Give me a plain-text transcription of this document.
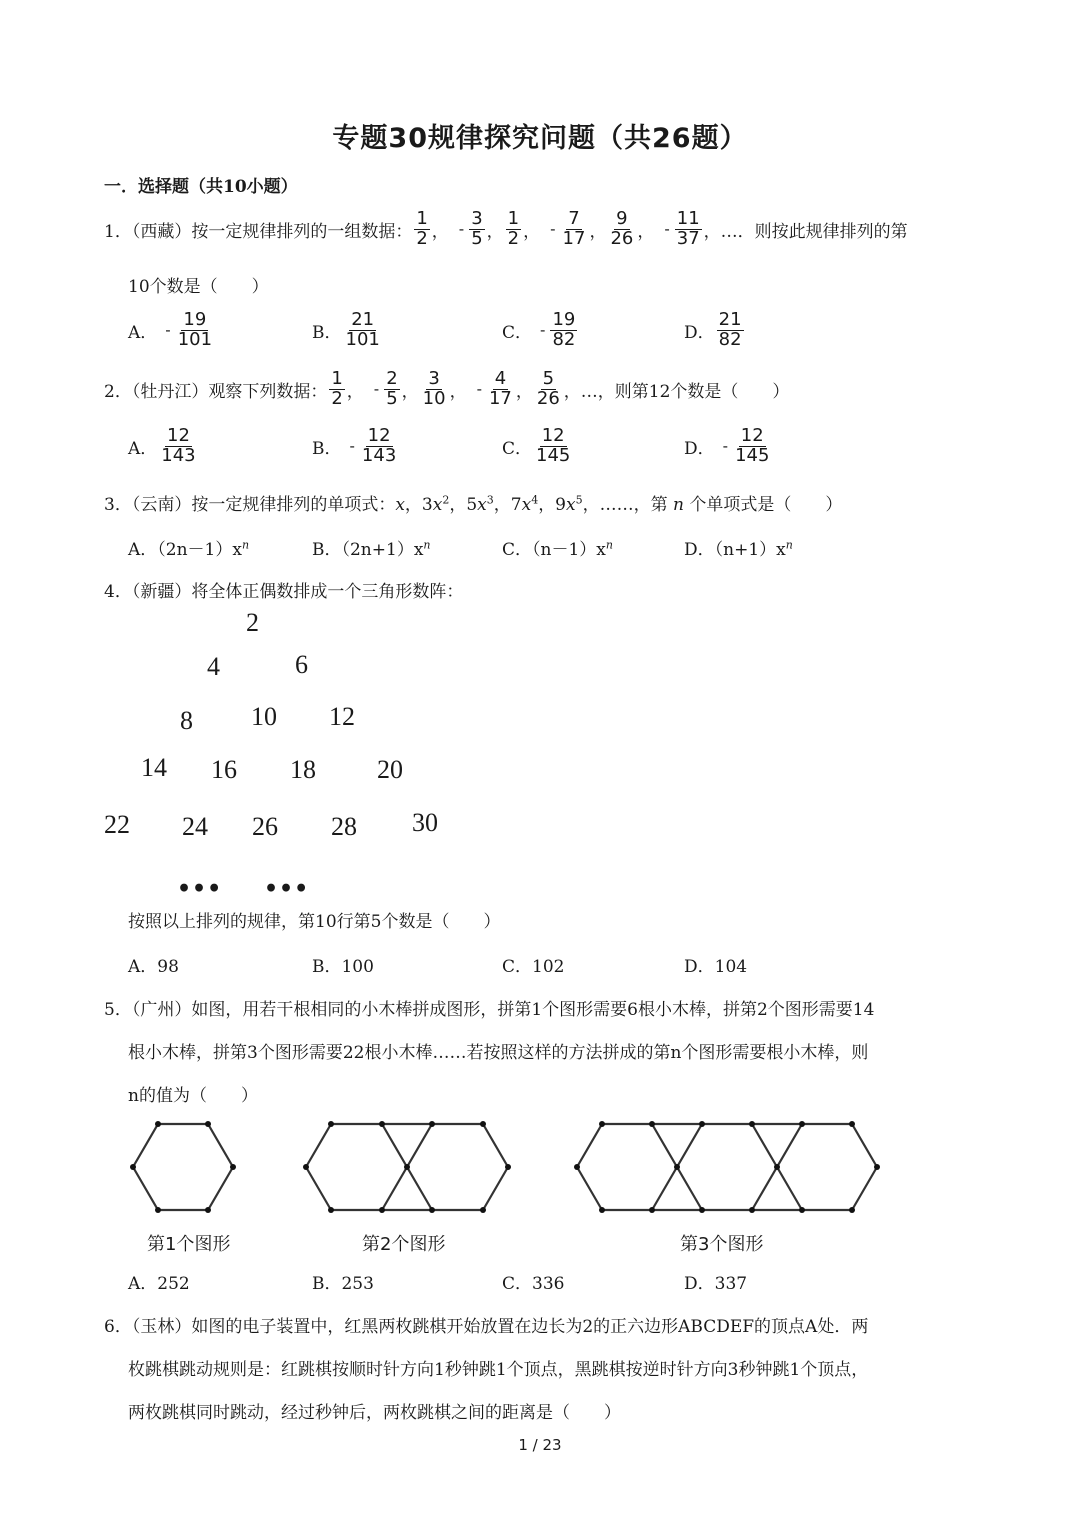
专题30规律探究问题（共26题）
一．选择题（共10小题）
1．（西藏）按一定规律排列的一组数据： $\frac{1}{2}$ ， - $\frac{3}{5}$ ， $\frac{1}{2}$ ， - $\frac{7}{17}$ ， $\frac{9}{26}$ ， - $\frac{11}{37}$ ，…．则按此规律排列的第
10个数是（　　）
A． - $\frac{19}{101}$	B． $\frac{21}{101}$	C． - $\frac{19}{82}$	D． $\frac{21}{82}$
2．（牡丹江）观察下列数据： $\frac{1}{2}$ ， - $\frac{2}{5}$ ， $\frac{3}{10}$ ， - $\frac{4}{17}$ ， $\frac{5}{26}$ ，…，则第12个数是（　　）
A． $\frac{12}{143}$	B． - $\frac{12}{143}$	C． $\frac{12}{145}$	D． - $\frac{12}{145}$
3．（云南）按一定规律排列的单项式：x，$3x^2$，$5x^3$，$7x^4$，$9x^5$，……，第 n 个单项式是（　　）
A．$(2n-1)x^n$	B．$(2n+1)x^n$	C．$(n-1)x^n$	D．$(n+1)x^n$
4．（新疆）将全体正偶数排成一个三角形数阵：
2
4	6
8 10 12
14 16 18 20
22 24 26 28 30
••• •••
按照以上排列的规律，第10行第5个数是（　　）
A．98	B．100	C．102	D．104
5．（广州）如图，用若干根相同的小木棒拼成图形，拼第1个图形需要6根小木棒，拼第2个图形需要14
根小木棒，拼第3个图形需要22根小木棒……若按照这样的方法拼成的第n个图形需要根小木棒，则
n的值为（　　）
第1个图形	第2个图形	第3个图形
A．252	B．253	C．336	D．337
6．（玉林）如图的电子装置中，红黑两枚跳棋开始放置在边长为2的正六边形ABCDEF的顶点A处．两
枚跳棋跳动规则是：红跳棋按顺时针方向1秒钟跳1个顶点，黑跳棋按逆时针方向3秒钟跳1个顶点，
两枚跳棋同时跳动，经过秒钟后，两枚跳棋之间的距离是（　　）
1 / 23
